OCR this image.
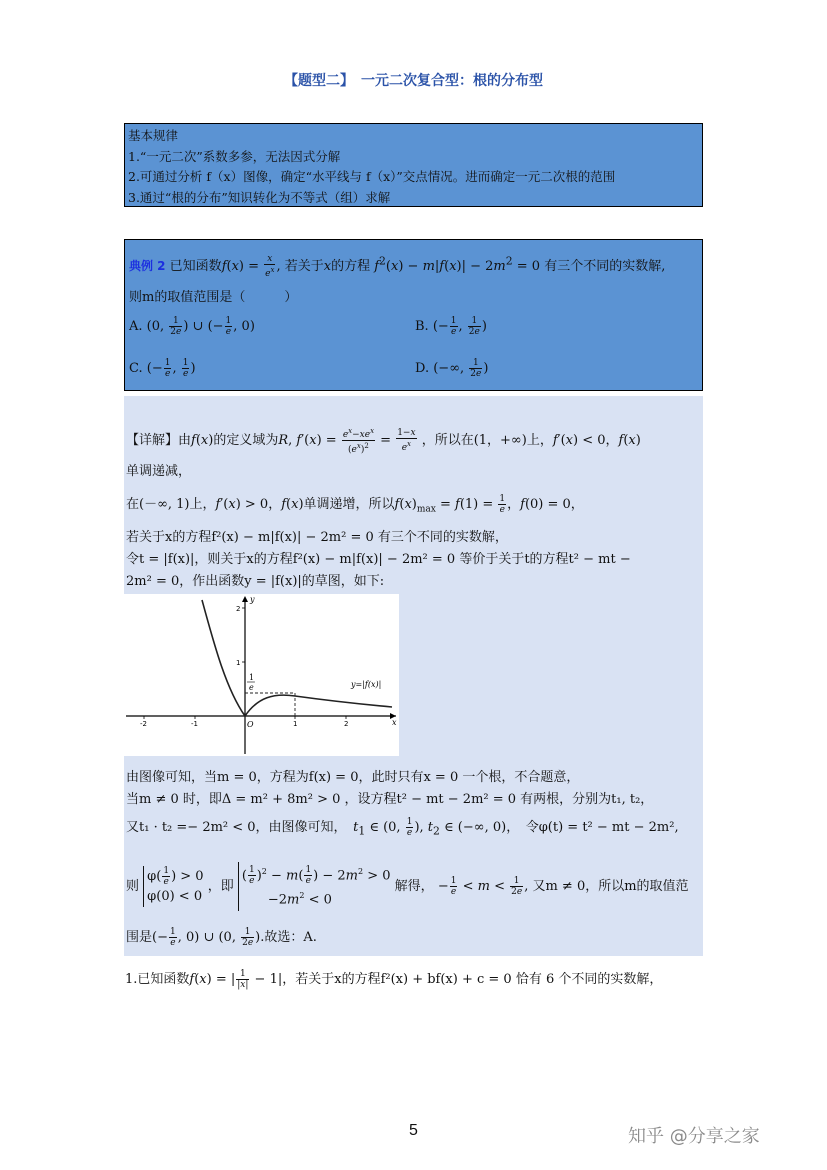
【题型二】　一元二次复合型：根的分布型
基本规律
1.“一元二次”系数多参，无法因式分解
2.可通过分析 f（x）图像，确定“水平线与 f（x）”交点情况。进而确定一元二次根的范围
3.通过“根的分布”知识转化为不等式（组）求解
典例 2 已知函数$f(x) = \frac{x}{e^x}$ , 若关于x的方程 $f^2(x) - m|f(x)| - 2m^2 = 0$ 有三个不同的实数解,
则m的取值范围是（　　　）
A. (0, $\frac{1}{2e}$ ) ∪ (− $\frac{1}{e}$ , 0)	B. (− $\frac{1}{e}$ , $\frac{1}{2e}$ )
C. (− $\frac{1}{e}$ , $\frac{1}{e}$ )	D. (−∞, $\frac{1}{2e}$ )
【详解】由f(x)的定义域为R, $f'(x) = \frac{e^x-xe^x}{(e^x)^2} = \frac{1-x}{e^x}$ ，所以在(1，+∞)上，f′(x) < 0，f(x)
单调递减，
在(－∞, 1)上，f′(x) > 0，f(x)单调递增，所以$f(x)_{max} = f(1) = \frac{1}{e}$ ，f(0) = 0，
若关于x的方程f²(x) − m|f(x)| − 2m² = 0 有三个不同的实数解，
令t = |f(x)|，则关于x的方程f²(x) − m|f(x)| − 2m² = 0 等价于关于t的方程t² − mt −
2m² = 0，作出函数y = |f(x)|的草图，如下:
由图像可知，当m = 0，方程为f(x) = 0，此时只有x = 0 一个根，不合题意，
当m ≠ 0 时，即Δ = m² + 8m² > 0 ，设方程t² − mt − 2m² = 0 有两根，分别为t₁, t₂，
又t₁ · t₂ =− 2m² < 0，由图像可知，　 $t_1$ ∈ (0, $\frac{1}{e}$ ), $t_2$ ∈ (−∞, 0)，　令φ(t) = t² − mt − 2m²,
则 $\varphi( \frac{1}{e}$ ) > 0
φ(0) < 0 ，即 ( $\frac{1}{e} )^2 - m( \frac{1}{e}$ ) − $2m^2 > 0$
　　$-2m^2 < 0$ 解得， − $\frac{1}{e} < m < \frac{1}{2e}$ , 又m ≠ 0，所以m的取值范
围是(− $\frac{1}{e}$ , 0) ∪ (0, $\frac{1}{2e}$ ).故选：A.
1
e
-2	-1	1	2
1
2
O	x
y
y=|f(x)|
1.已知函数f(x) = | $\frac{1}{|x|} - 1|$，若关于x的方程f²(x) + bf(x) + c = 0 恰有 6 个不同的实数解，
5	知乎 @分享之家
